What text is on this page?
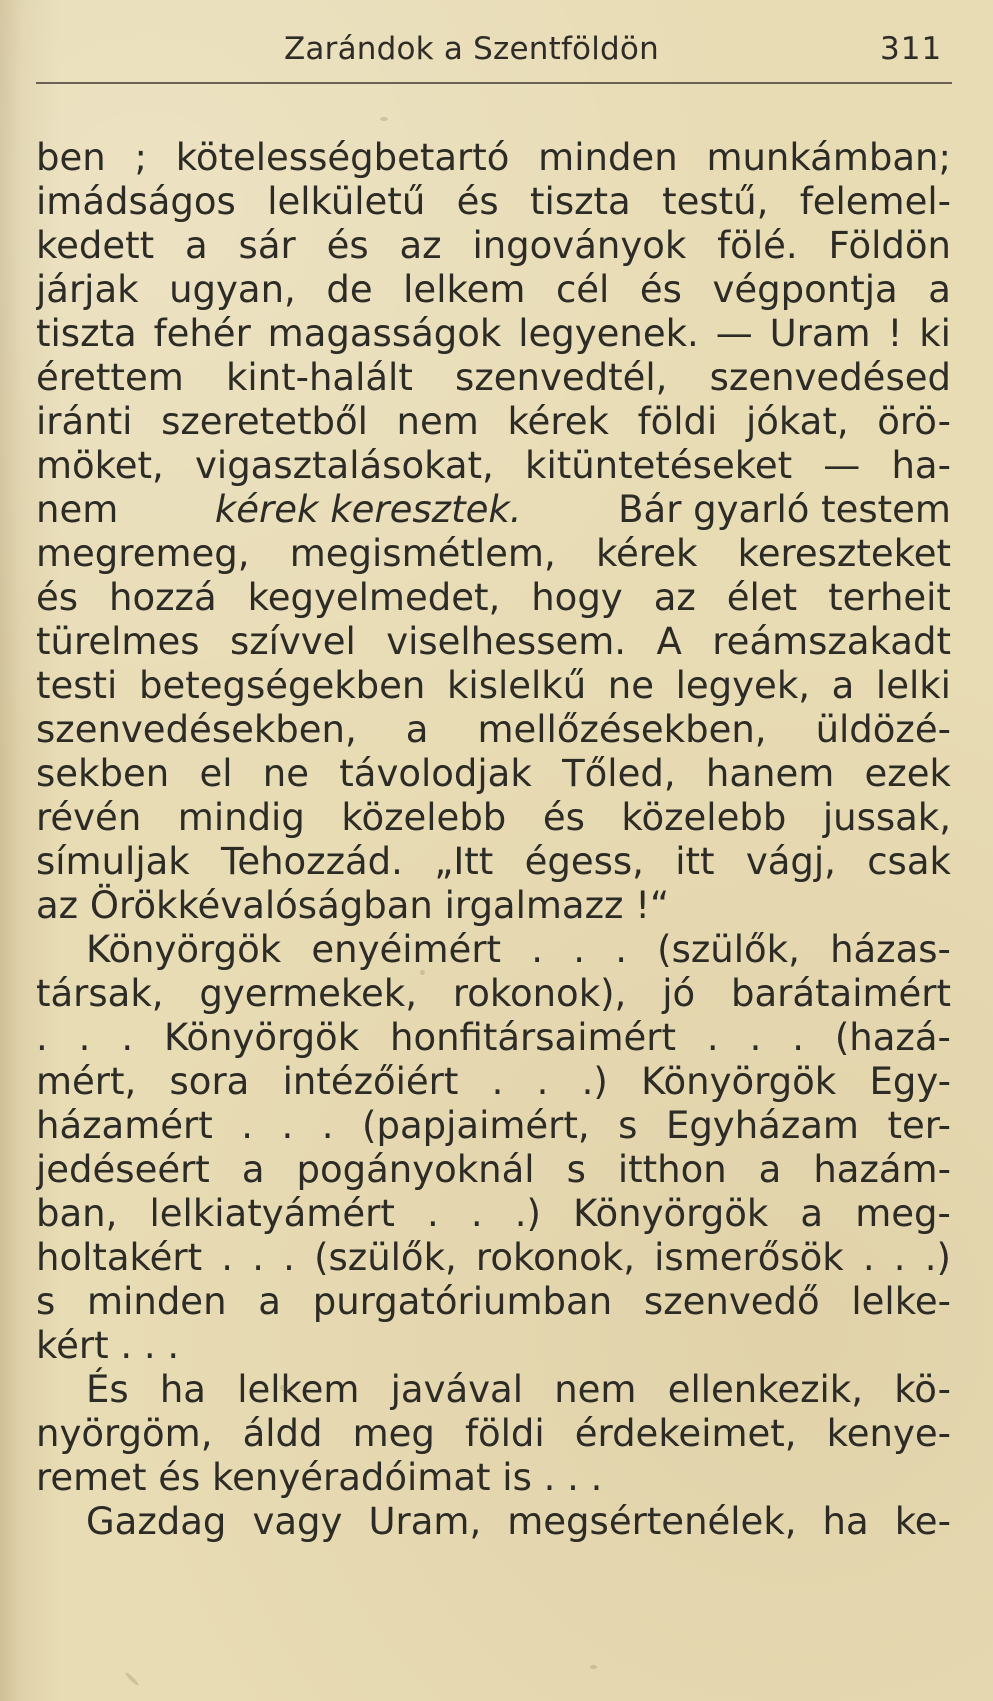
Zarándok a Szentföldön	311
ben ; kötelességbetartó minden munkámban;
imádságos lelkületű és tiszta testű, felemel-
kedett a sár és az ingoványok fölé. Földön
járjak ugyan, de lelkem cél és végpontja a
tiszta fehér magasságok legyenek. — Uram ! ki
érettem kint-halált szenvedtél, szenvedésed
iránti szeretetből nem kérek földi jókat, örö-
möket, vigasztalásokat, kitüntetéseket — ha-
nem	kérek keresztek.	Bár gyarló testem
megremeg, megismétlem, kérek kereszteket
és hozzá kegyelmedet, hogy az élet terheit
türelmes szívvel viselhessem. A reámszakadt
testi betegségekben kislelkű ne legyek, a lelki
szenvedésekben, a mellőzésekben, üldözé-
sekben el ne távolodjak Tőled, hanem ezek
révén mindig közelebb és közelebb jussak,
símuljak Tehozzád. „Itt égess, itt vágj, csak
az Örökkévalóságban irgalmazz !“
Könyörgök enyéimért . . . (szülők, házas-
társak, gyermekek, rokonok), jó barátaimért
. . . Könyörgök honfitársaimért . . . (hazá-
mért, sora intézőiért . . .) Könyörgök Egy-
házamért . . . (papjaimért, s Egyházam ter-
jedéseért a pogányoknál s itthon a hazám-
ban, lelkiatyámért . . .) Könyörgök a meg-
holtakért . . . (szülők, rokonok, ismerősök . . .)
s minden a purgatóriumban szenvedő lelke-
kért . . .
És ha lelkem javával nem ellenkezik, kö-
nyörgöm, áldd meg földi érdekeimet, kenye-
remet és kenyéradóimat is . . .
Gazdag vagy Uram, megsértenélek, ha ke-
